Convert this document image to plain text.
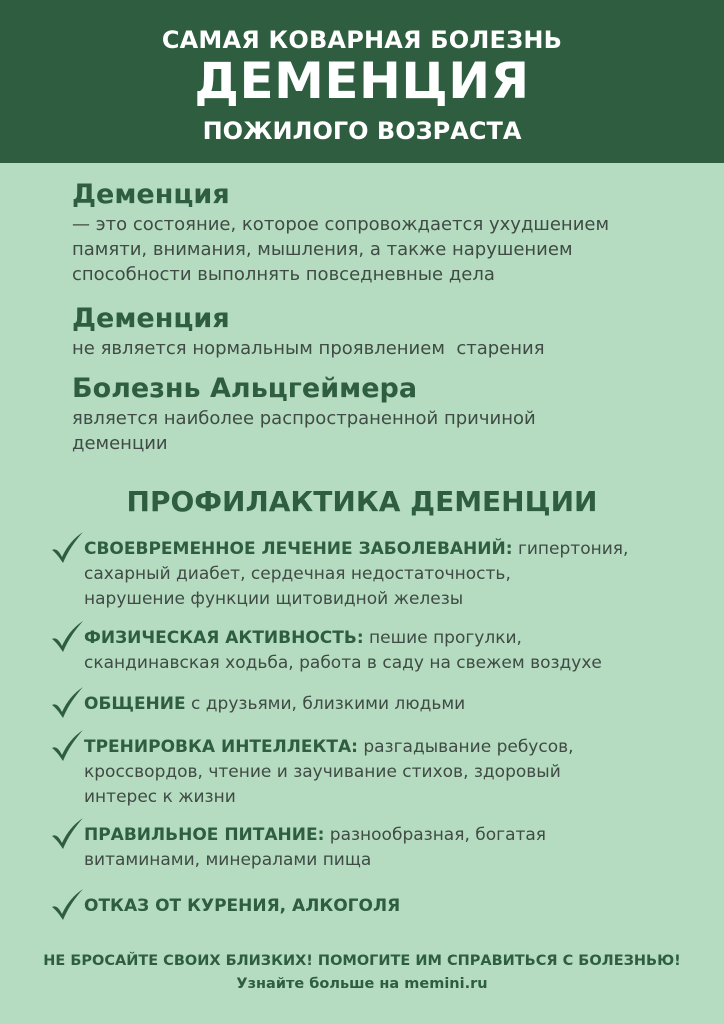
САМАЯ КОВАРНАЯ БОЛЕЗНЬ
ДЕМЕНЦИЯ
ПОЖИЛОГО ВОЗРАСТА
Деменция
— это состояние, которое сопровождается ухудшением
памяти, внимания, мышления, а также нарушением
способности выполнять повседневные дела
Деменция
не является нормальным проявлением  старения
Болезнь Альцгеймера
является наиболее распространенной причиной
деменции
ПРОФИЛАКТИКА ДЕМЕНЦИИ
СВОЕВРЕМЕННОЕ ЛЕЧЕНИЕ ЗАБОЛЕВАНИЙ: гипертония,
сахарный диабет, сердечная недостаточность,
нарушение функции щитовидной железы
ФИЗИЧЕСКАЯ АКТИВНОСТЬ: пешие прогулки,
скандинавская ходьба, работа в саду на свежем воздухе
ОБЩЕНИЕ с друзьями, близкими людьми
ТРЕНИРОВКА ИНТЕЛЛЕКТА: разгадывание ребусов,
кроссвордов, чтение и заучивание стихов, здоровый
интерес к жизни
ПРАВИЛЬНОЕ ПИТАНИЕ: разнообразная, богатая
витаминами, минералами пища
ОТКАЗ ОТ КУРЕНИЯ, АЛКОГОЛЯ
НЕ БРОСАЙТЕ СВОИХ БЛИЗКИХ! ПОМОГИТЕ ИМ СПРАВИТЬСЯ С БОЛЕЗНЬЮ!
Узнайте больше на memini.ru
